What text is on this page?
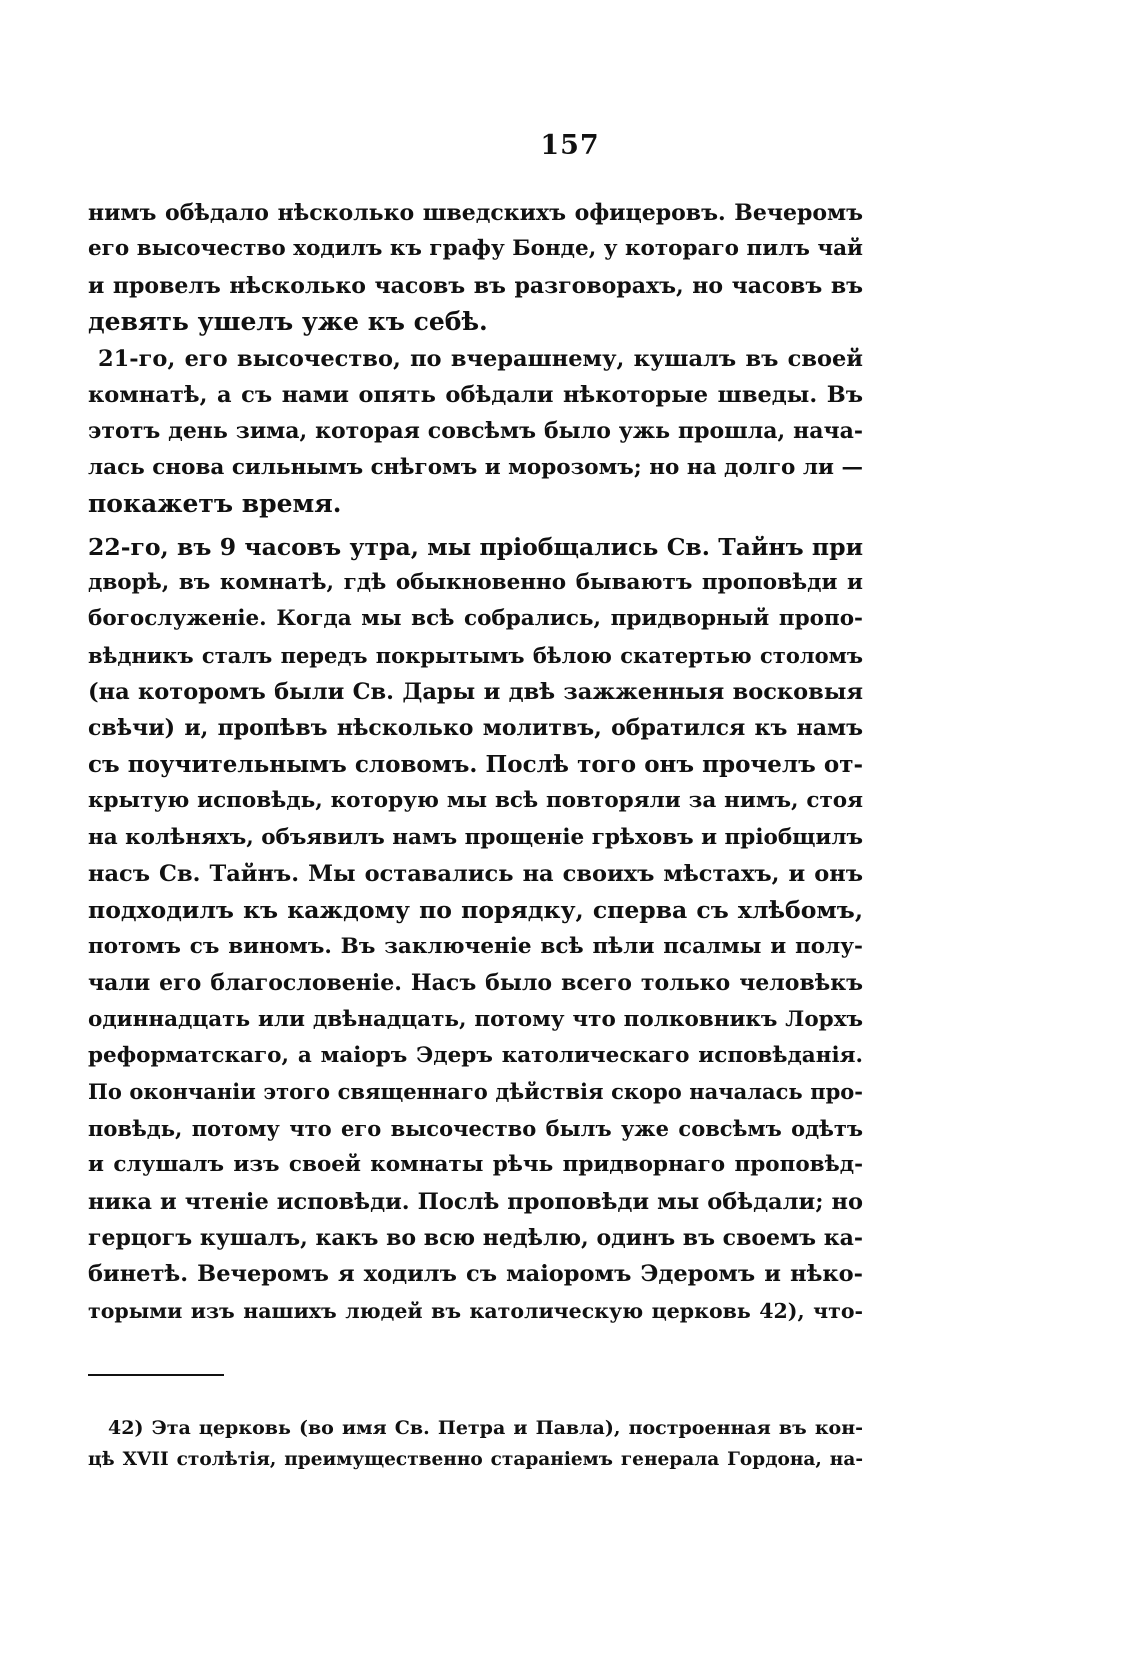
157
нимъ обѣдало нѣсколько шведскихъ офицеровъ. Вечеромъ
его высочество ходилъ къ графу Бонде, у котораго пилъ чай
и провелъ нѣсколько часовъ въ разговорахъ, но часовъ въ
девять ушелъ уже къ себѣ.
21-го, его высочество, по вчерашнему, кушалъ въ своей
комнатѣ, а съ нами опять обѣдали нѣкоторые шведы. Въ
этотъ день зима, которая совсѣмъ было ужь прошла, нача-
лась снова сильнымъ снѣгомъ и морозомъ; но на долго ли —
покажетъ время.
22-го, въ 9 часовъ утра, мы пріобщались Св. Тайнъ при
дворѣ, въ комнатѣ, гдѣ обыкновенно бываютъ проповѣди и
богослуженіе. Когда мы всѣ собрались, придворный пропо-
вѣдникъ сталъ передъ покрытымъ бѣлою скатертью столомъ
(на которомъ были Св. Дары и двѣ зажженныя восковыя
свѣчи) и, пропѣвъ нѣсколько молитвъ, обратился къ намъ
съ поучительнымъ словомъ. Послѣ того онъ прочелъ от-
крытую исповѣдь, которую мы всѣ повторяли за нимъ, стоя
на колѣняхъ, объявилъ намъ прощеніе грѣховъ и пріобщилъ
насъ Св. Тайнъ. Мы оставались на своихъ мѣстахъ, и онъ
подходилъ къ каждому по порядку, сперва съ хлѣбомъ,
потомъ съ виномъ. Въ заключеніе всѣ пѣли псалмы и полу-
чали его благословеніе. Насъ было всего только человѣкъ
одиннадцать или двѣнадцать, потому что полковникъ Лорхъ
реформатскаго, а маіоръ Эдеръ католическаго исповѣданія.
По окончаніи этого священнаго дѣйствія скоро началась про-
повѣдь, потому что его высочество былъ уже совсѣмъ одѣтъ
и слушалъ изъ своей комнаты рѣчь придворнаго проповѣд-
ника и чтеніе исповѣди. Послѣ проповѣди мы обѣдали; но
герцогъ кушалъ, какъ во всю недѣлю, одинъ въ своемъ ка-
бинетѣ. Вечеромъ я ходилъ съ маіоромъ Эдеромъ и нѣко-
торыми изъ нашихъ людей въ католическую церковь 42), что-
42) Эта церковь (во имя Св. Петра и Павла), построенная въ кон-
цѣ XVII столѣтія, преимущественно стараніемъ генерала Гордона, на-
